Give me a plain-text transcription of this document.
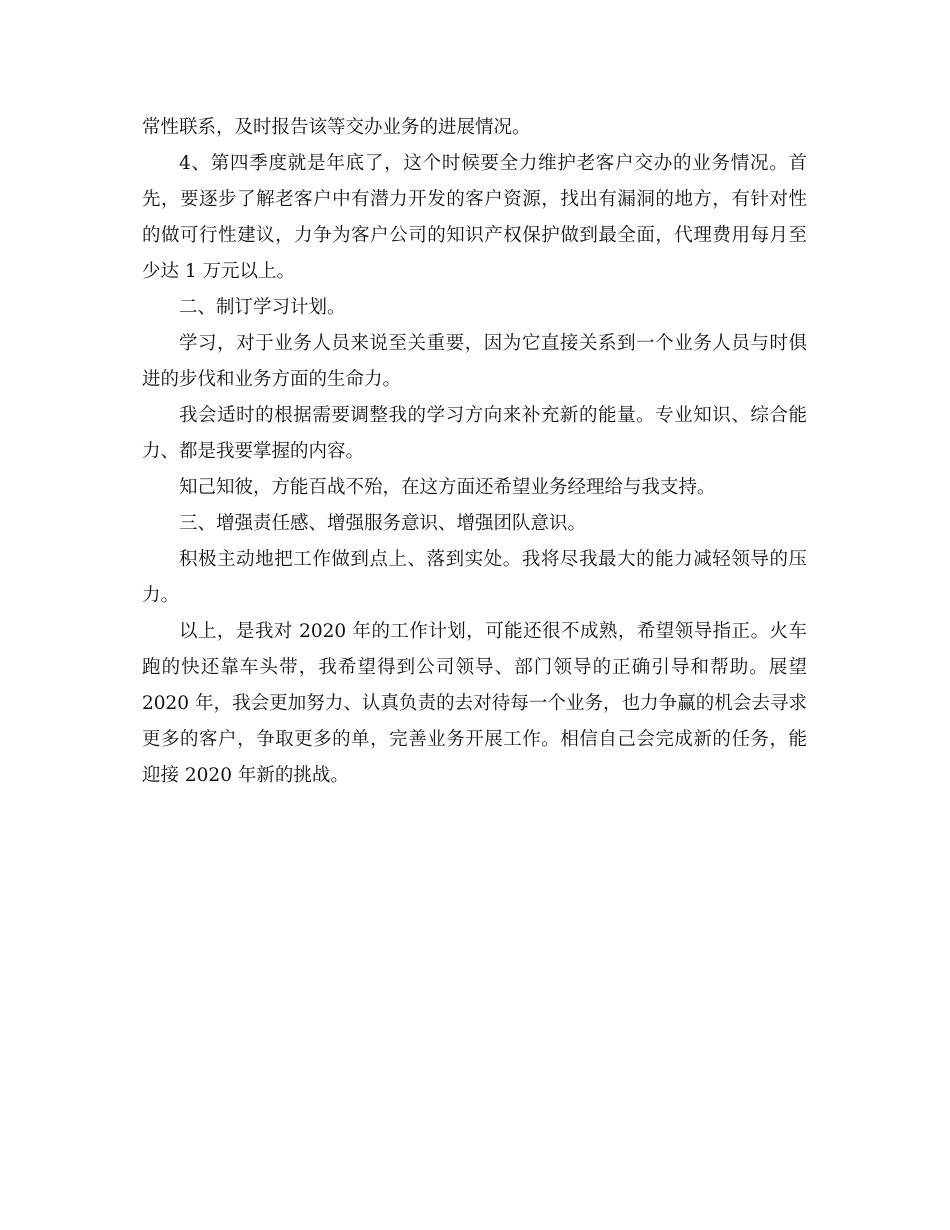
常性联系，及时报告该等交办业务的进展情况。

4、第四季度就是年底了，这个时候要全力维护老客户交办的业务情况。首先，要逐步了解老客户中有潜力开发的客户资源，找出有漏洞的地方，有针对性的做可行性建议，力争为客户公司的知识产权保护做到最全面，代理费用每月至少达 1 万元以上。

二、制订学习计划。

学习，对于业务人员来说至关重要，因为它直接关系到一个业务人员与时俱进的步伐和业务方面的生命力。

我会适时的根据需要调整我的学习方向来补充新的能量。专业知识、综合能力、都是我要掌握的内容。

知己知彼，方能百战不殆，在这方面还希望业务经理给与我支持。

三、增强责任感、增强服务意识、增强团队意识。

积极主动地把工作做到点上、落到实处。我将尽我最大的能力减轻领导的压力。

以上，是我对 2020 年的工作计划，可能还很不成熟，希望领导指正。火车跑的快还靠车头带，我希望得到公司领导、部门领导的正确引导和帮助。展望 2020 年，我会更加努力、认真负责的去对待每一个业务，也力争赢的机会去寻求更多的客户，争取更多的单，完善业务开展工作。相信自己会完成新的任务，能迎接 2020 年新的挑战。
